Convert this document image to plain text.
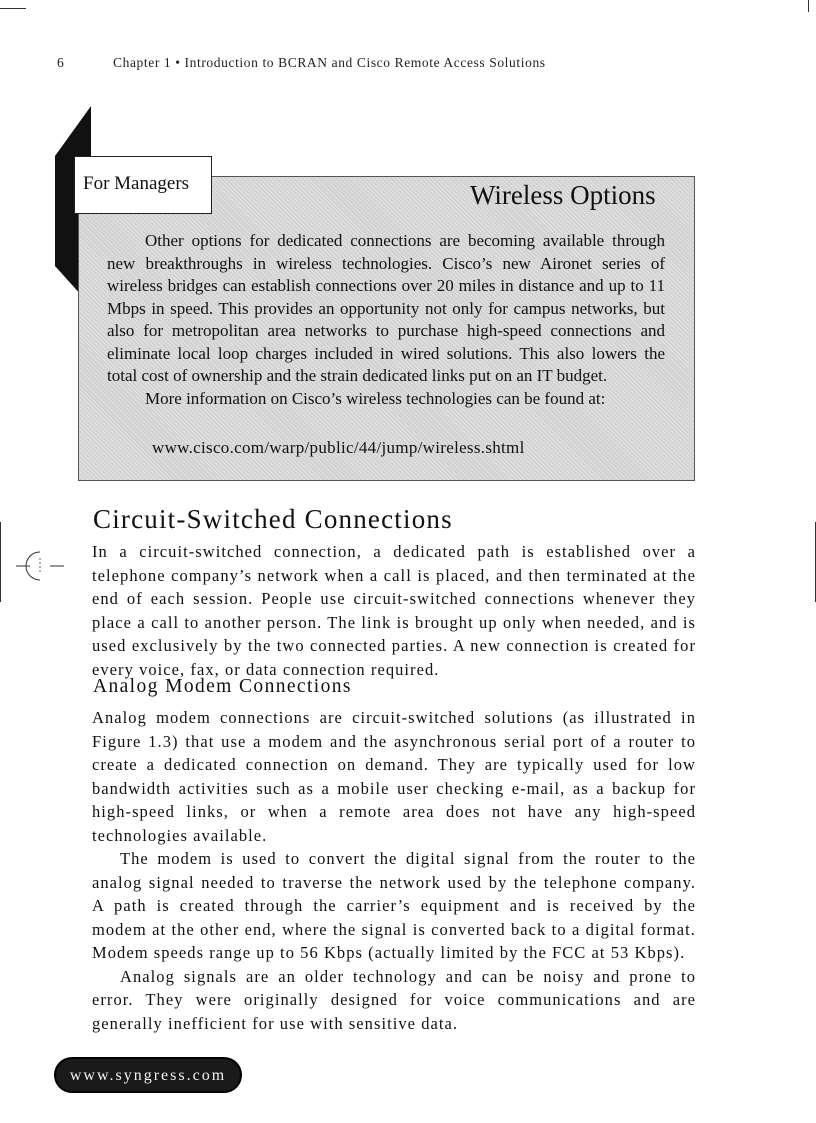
6	Chapter 1 • Introduction to BCRAN and Cisco Remote Access Solutions
For Managers	Wireless Options

Other options for dedicated connections are becoming available through new breakthroughs in wireless technologies. Cisco’s new Aironet series of wireless bridges can establish connections over 20 miles in distance and up to 11 Mbps in speed. This provides an opportunity not only for campus networks, but also for metropolitan area networks to purchase high-speed connections and eliminate local loop charges included in wired solutions. This also lowers the total cost of ownership and the strain dedicated links put on an IT budget.

More information on Cisco’s wireless technologies can be found at:

www.cisco.com/warp/public/44/jump/wireless.shtml
Circuit-Switched Connections

In a circuit-switched connection, a dedicated path is established over a telephone company’s network when a call is placed, and then terminated at the end of each session. People use circuit-switched connections whenever they place a call to another person. The link is brought up only when needed, and is used exclusively by the two connected parties. A new connection is created for every voice, fax, or data connection required.

Analog Modem Connections

Analog modem connections are circuit-switched solutions (as illustrated in Figure 1.3) that use a modem and the asynchronous serial port of a router to create a dedicated connection on demand. They are typically used for low bandwidth activities such as a mobile user checking e-mail, as a backup for high-speed links, or when a remote area does not have any high-speed technologies available.

The modem is used to convert the digital signal from the router to the analog signal needed to traverse the network used by the telephone company. A path is created through the carrier’s equipment and is received by the modem at the other end, where the signal is converted back to a digital format. Modem speeds range up to 56 Kbps (actually limited by the FCC at 53 Kbps).

Analog signals are an older technology and can be noisy and prone to error. They were originally designed for voice communications and are generally inefficient for use with sensitive data.

www.syngress.com
